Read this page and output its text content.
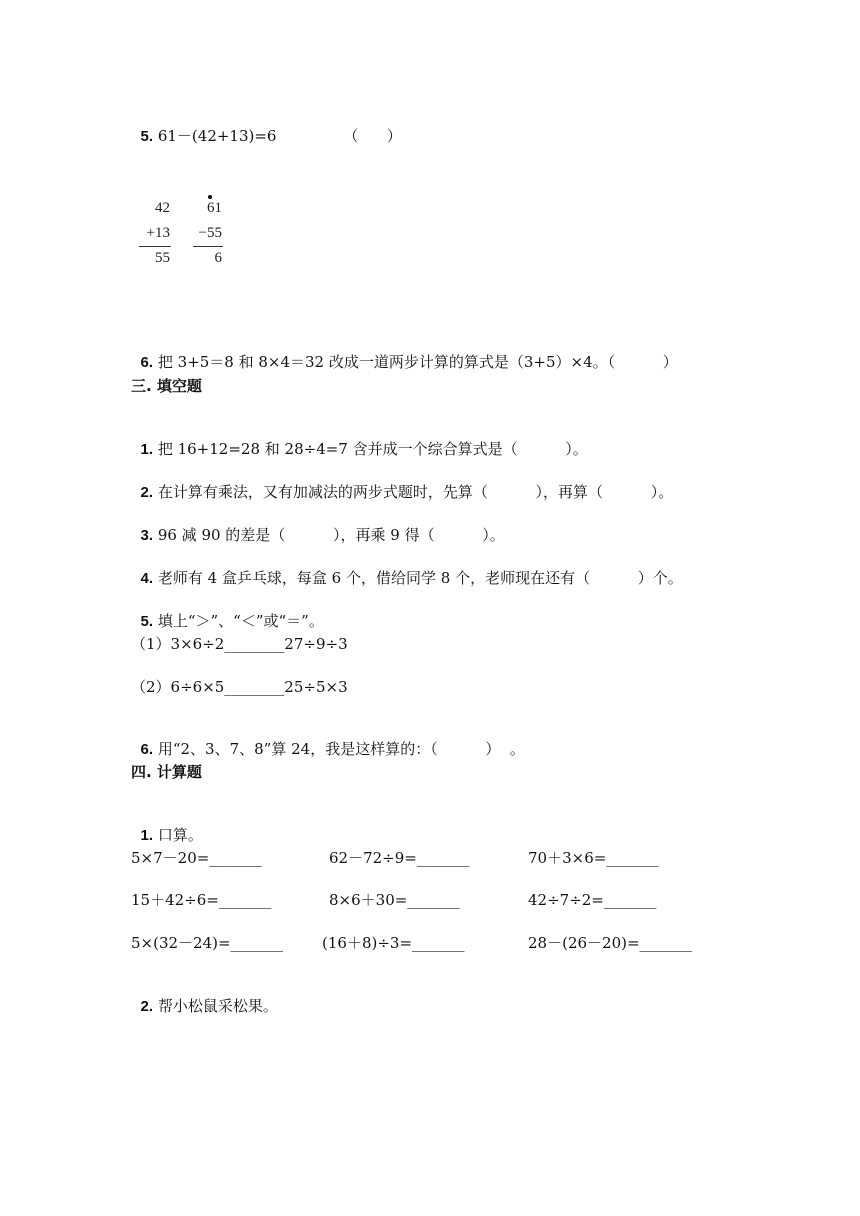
5. 61－(42+13)=6              （      ）

42
+13
55
61
−55
6

6. 把 3+5＝8 和 8×4＝32 改成一道两步计算的算式是（3+5）×4。（          ）

三. 填空题

1. 把 16+12=28 和 28÷4=7 含并成一个综合算式是（          ）。

2. 在计算有乘法，又有加减法的两步式题时，先算（          ），再算（          ）。

3. 96 减 90 的差是（          ），再乘 9 得（          ）。

4. 老师有 4 盒乒乓球，每盒 6 个，借给同学 8 个，老师现在还有（          ）个。

5. 填上“＞”、“＜”或“＝”。

（1）3×6÷2________27÷9÷3
（2）6÷6×5________25÷5×3

6. 用“2、3、7、8”算 24，我是这样算的：（          ）  。

四. 计算题

1. 口算。

5×7－20=_______	62－72÷9=_______	70＋3×6=_______
15＋42÷6=_______	8×6＋30=_______	42÷7÷2=_______
5×(32－24)=_______	(16＋8)÷3=_______	28－(26－20)=_______

2. 帮小松鼠采松果。
